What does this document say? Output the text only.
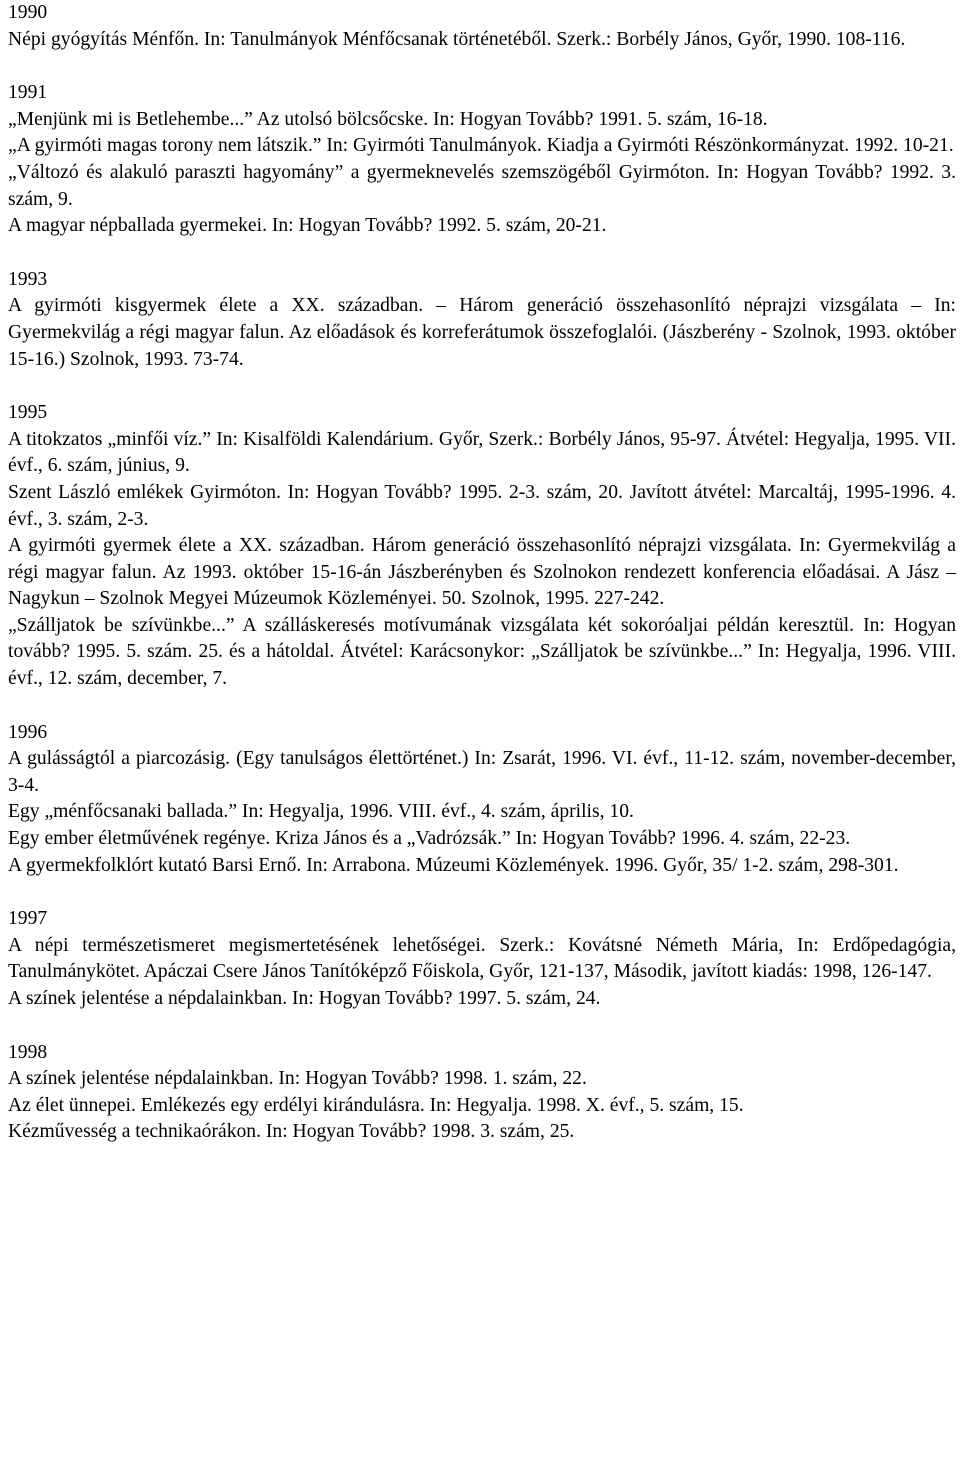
1990
Népi gyógyítás Ménfőn. In: Tanulmányok Ménfőcsanak történetéből. Szerk.: Borbély János, Győr, 1990. 108-116.
1991
„Menjünk mi is Betlehembe...” Az utolsó bölcsőcske. In: Hogyan Tovább? 1991. 5. szám, 16-18.
„A gyirmóti magas torony nem látszik.” In: Gyirmóti Tanulmányok. Kiadja a Gyirmóti Részönkormányzat. 1992. 10-21.
„Változó és alakuló paraszti hagyomány” a gyermeknevelés szemszögéből Gyirmóton. In: Hogyan Tovább? 1992. 3. szám, 9.
A magyar népballada gyermekei. In: Hogyan Tovább? 1992. 5. szám, 20-21.
1993
A gyirmóti kisgyermek élete a XX. században. – Három generáció összehasonlító néprajzi vizsgálata – In: Gyermekvilág a régi magyar falun. Az előadások és korreferátumok összefoglalói. (Jászberény - Szolnok, 1993. október 15-16.) Szolnok, 1993. 73-74.
1995
A titokzatos „minfői víz.” In: Kisalföldi Kalendárium. Győr, Szerk.: Borbély János, 95-97. Átvétel: Hegyalja, 1995. VII. évf., 6. szám, június, 9.
Szent László emlékek Gyirmóton. In: Hogyan Tovább? 1995. 2-3. szám, 20. Javított átvétel: Marcaltáj, 1995-1996. 4. évf., 3. szám, 2-3.
A gyirmóti gyermek élete a XX. században. Három generáció összehasonlító néprajzi vizsgálata. In: Gyermekvilág a régi magyar falun. Az 1993. október 15-16-án Jászberényben és Szolnokon rendezett konferencia előadásai. A Jász – Nagykun – Szolnok Megyei Múzeumok Közleményei. 50. Szolnok, 1995. 227-242.
„Szálljatok be szívünkbe...” A szálláskeresés motívumának vizsgálata két sokoróaljai példán keresztül. In: Hogyan tovább? 1995. 5. szám. 25. és a hátoldal. Átvétel: Karácsonykor: „Szálljatok be szívünkbe...” In: Hegyalja, 1996. VIII. évf., 12. szám, december, 7.
1996
A gulásságtól a piarcozásig. (Egy tanulságos élettörténet.) In: Zsarát, 1996. VI. évf., 11-12. szám, november-december, 3-4.
Egy „ménfőcsanaki ballada.” In: Hegyalja, 1996. VIII. évf., 4. szám, április, 10.
Egy ember életművének regénye. Kriza János és a „Vadrózsák.” In: Hogyan Tovább? 1996. 4. szám, 22-23.
A gyermekfolklórt kutató Barsi Ernő. In: Arrabona. Múzeumi Közlemények. 1996. Győr, 35/ 1-2. szám, 298-301.
1997
A népi természetismeret megismertetésének lehetőségei. Szerk.: Kovátsné Németh Mária, In: Erdőpedagógia, Tanulmánykötet. Apáczai Csere János Tanítóképző Főiskola, Győr, 121-137, Második, javított kiadás: 1998, 126-147.
A színek jelentése a népdalainkban. In: Hogyan Tovább? 1997. 5. szám, 24.
1998
A színek jelentése népdalainkban. In: Hogyan Tovább? 1998. 1. szám, 22.
Az élet ünnepei. Emlékezés egy erdélyi kirándulásra. In: Hegyalja. 1998. X. évf., 5. szám, 15.
Kézművesség a technikaórákon. In: Hogyan Tovább? 1998. 3. szám, 25.
